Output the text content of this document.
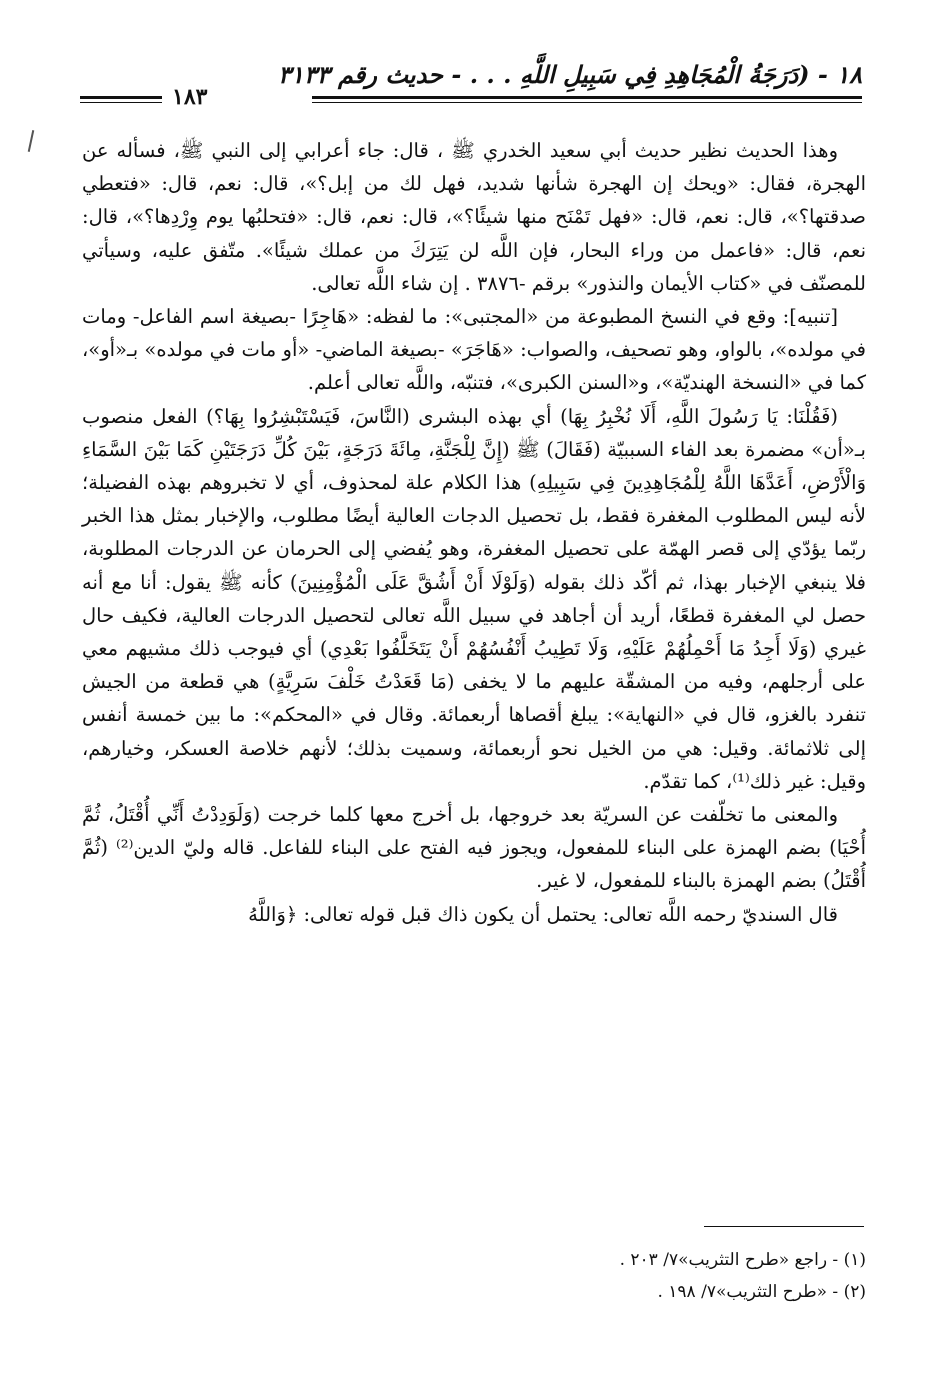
١٨ - (دَرَجَةُ الْمُجَاهِدِ فِي سَبِيلِ اللَّهِ . . . - حديث رقم ٣١٣٣
١٨٣

وهذا الحديث نظير حديث أبي سعيد الخدري ﷺ ، قال: جاء أعرابي إلى النبي ﷺ، فسأله عن الهجرة، فقال: «ويحك إن الهجرة شأنها شديد، فهل لك من إبل؟»، قال: نعم، قال: «فتعطي صدقتها؟»، قال: نعم، قال: «فهل تَمْنَح منها شيئًا؟»، قال: نعم، قال: «فتحلبُها يوم وِرْدِها؟»، قال: نعم، قال: «فاعمل من وراء البحار، فإن اللَّه لن يَتِرَكَ من عملك شيئًا». متّفق عليه، وسيأتي للمصنّف في «كتاب الأيمان والنذور» برقم -٣٨٧٦ . إن شاء اللَّه تعالى.

[تنبيه]: وقع في النسخ المطبوعة من «المجتبى»: ما لفظه: «هَاجِرًا -بصيغة اسم الفاعل- ومات في مولده»، بالواو، وهو تصحيف، والصواب: «هَاجَرَ» -بصيغة الماضي- «أو مات في مولده» بـ«أو»، كما في «النسخة الهنديّة»، و«السنن الكبرى»، فتنبّه، واللَّه تعالى أعلم.

(فَقُلْنَا: يَا رَسُولَ اللَّهِ، أَلَا نُخْبِرُ بِهَا) أي بهذه البشرى (النَّاسَ، فَيَسْتَبْشِرُوا بِهَا؟) الفعل منصوب بـ«أن» مضمرة بعد الفاء السببيّة (فَقَالَ) ﷺ (إِنَّ لِلْجَنَّةِ، مِائَةَ دَرَجَةٍ، بَيْنَ كُلِّ دَرَجَتَيْنِ كَمَا بَيْنَ السَّمَاءِ وَالْأَرْضِ، أَعَدَّهَا اللَّهُ لِلْمُجَاهِدِينَ فِي سَبِيلِهِ) هذا الكلام علة لمحذوف، أي لا تخبروهم بهذه الفضيلة؛ لأنه ليس المطلوب المغفرة فقط، بل تحصيل الدجات العالية أيضًا مطلوب، والإخبار بمثل هذا الخبر ربّما يؤدّي إلى قصر الهمّة على تحصيل المغفرة، وهو يُفضي إلى الحرمان عن الدرجات المطلوبة، فلا ينبغي الإخبار بهذا، ثم أكّد ذلك بقوله (وَلَوْلَا أَنْ أَشُقَّ عَلَى الْمُؤْمِنِينَ) كأنه ﷺ يقول: أنا مع أنه حصل لي المغفرة قطعًا، أريد أن أجاهد في سبيل اللَّه تعالى لتحصيل الدرجات العالية، فكيف حال غيري (وَلَا أَجِدُ مَا أَحْمِلُهُمْ عَلَيْهِ، وَلَا تَطِيبُ أَنْفُسُهُمْ أَنْ يَتَخَلَّفُوا بَعْدِي) أي فيوجب ذلك مشيهم معي على أرجلهم، وفيه من المشقّة عليهم ما لا يخفى (مَا قَعَدْتُ خَلْفَ سَرِيَّةٍ) هي قطعة من الجيش تنفرد بالغزو، قال في «النهاية»: يبلغ أقصاها أربعمائة. وقال في «المحكم»: ما بين خمسة أنفس إلى ثلاثمائة. وقيل: هي من الخيل نحو أربعمائة، وسميت بذلك؛ لأنهم خلاصة العسكر، وخيارهم، وقيل: غير ذلك⁽¹⁾، كما تقدّم.

والمعنى ما تخلّفت عن السريّة بعد خروجها، بل أخرج معها كلما خرجت (وَلَوَدِدْتُ أَنِّي أُقْتَلُ، ثُمَّ أُحْيَا) بضم الهمزة على البناء للمفعول، ويجوز فيه الفتح على البناء للفاعل. قاله وليّ الدين⁽²⁾ (ثُمَّ أُقْتَلُ) بضم الهمزة بالبناء للمفعول، لا غير.

قال السنديّ رحمه اللَّه تعالى: يحتمل أن يكون ذاك قبل قوله تعالى: ﴿وَاللَّهُ

(١) - راجع «طرح التثريب»٧/ ٢٠٣ .
(٢) - «طرح التثريب»٧/ ١٩٨ .
